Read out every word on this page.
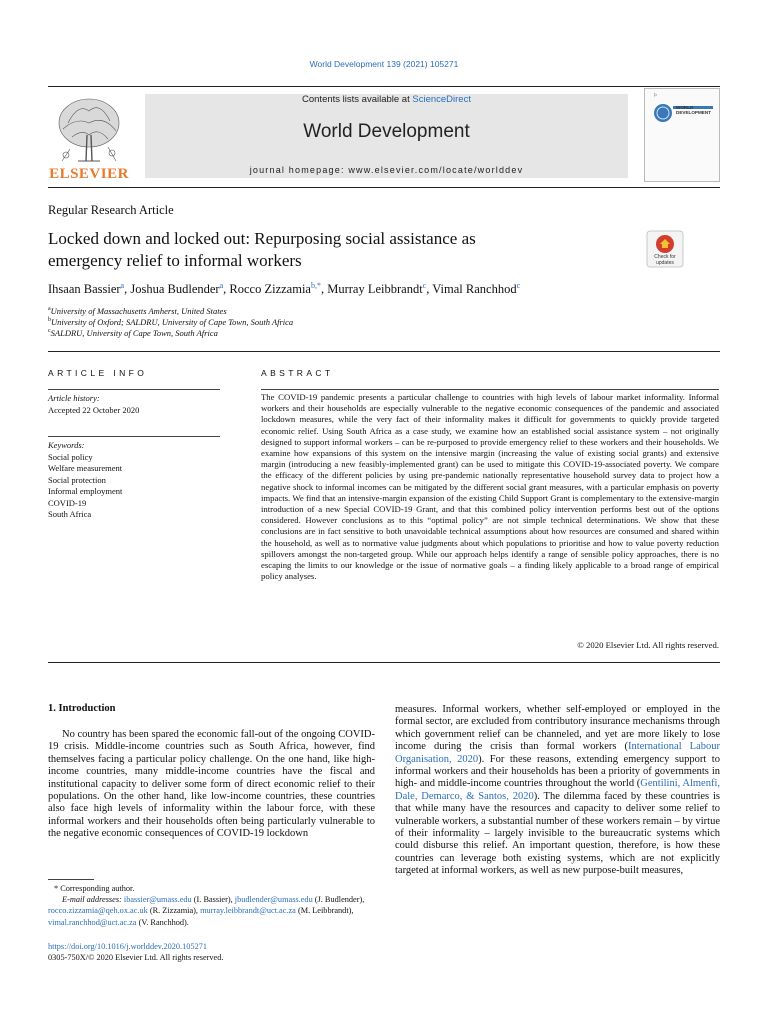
World Development 139 (2021) 105271
ELSEVIER
Contents lists available at ScienceDirect
World Development
journal homepage: www.elsevier.com/locate/worlddev
⚐
WORLD DEVELOPMENT
Regular Research Article
Locked down and locked out: Repurposing social assistance as
emergency relief to informal workers	Check for updates
Ihsaan Bassier$^a$, Joshua Budlender$^a$, Rocco Zizzamia$^{b,*}$, Murray Leibbrandt$^c$, Vimal Ranchhod$^c$
$^a$University of Massachusetts Amherst, United States
$^b$University of Oxford; SALDRU, University of Cape Town, South Africa
$^c$SALDRU, University of Cape Town, South Africa
ARTICLE INFO
Article history:
Accepted 22 October 2020
Keywords:
Social policy
Welfare measurement
Social protection
Informal employment
COVID-19
South Africa
ABSTRACT
The COVID-19 pandemic presents a particular challenge to countries with high levels of labour market informality. Informal workers and their households are especially vulnerable to the negative economic consequences of the pandemic and associated lockdown measures, while the very fact of their informality makes it difficult for governments to quickly provide targeted economic relief. Using South Africa as a case study, we examine how an established social assistance system – not originally designed to support informal workers – can be re-purposed to provide emergency relief to these workers and their households. We examine how expansions of this system on the intensive margin (increasing the value of existing social grants) and extensive margin (introducing a new feasibly-implemented grant) can be used to mitigate this COVID-19-associated poverty. We compare the efficacy of the different policies by using pre-pandemic nationally representative household survey data to project how a negative shock to informal incomes can be mitigated by the different social grant measures, with a particular emphasis on poverty impacts. We find that an intensive-margin expansion of the existing Child Support Grant is complementary to the extensive-margin introduction of a new Special COVID-19 Grant, and that this combined policy intervention performs best out of the options considered. However conclusions as to this “optimal policy” are not simple technical determinations. We show that these conclusions are in fact sensitive to both unavoidable technical assumptions about how resources are consumed and shared within the household, as well as to normative value judgments about which populations to prioritise and how to value poverty reduction spillovers amongst the non-targeted group. While our approach helps identify a range of sensible policy approaches, there is no escaping the limits to our knowledge or the issue of normative goals – a finding likely applicable to a broad range of empirical policy analyses.
© 2020 Elsevier Ltd. All rights reserved.
1. Introduction

No country has been spared the economic fall-out of the ongoing COVID-19 crisis. Middle-income countries such as South Africa, however, find themselves facing a particular policy challenge. On the one hand, like high-income countries, many middle-income countries have the fiscal and institutional capacity to deliver some form of direct economic relief to their populations. On the other hand, like low-income countries, these countries also face high levels of informality within the labour force, with these informal workers and their households often being particularly vulnerable to the negative economic consequences of COVID-19 lockdown

measures. Informal workers, whether self-employed or employed in the formal sector, are excluded from contributory insurance mechanisms through which government relief can be channeled, and yet are more likely to lose income during the crisis than formal workers (International Labour Organisation, 2020). For these reasons, extending emergency support to informal workers and their households has been a priority of governments in high- and middle-income countries throughout the world (Gentilini, Almenfi, Dale, Demarco, & Santos, 2020). The dilemma faced by these countries is that while many have the resources and capacity to deliver some relief to vulnerable workers, a substantial number of these workers remain – by virtue of their informality – largely invisible to the bureaucratic systems which could disburse this relief. An important question, therefore, is how these countries can leverage both existing systems, which are not explicitly targeted at informal workers, as well as new purpose-built measures,
* Corresponding author.
E-mail addresses: ibassier@umass.edu (I. Bassier), jbudlender@umass.edu (J. Budlender), rocco.zizzamia@qeh.ox.ac.uk (R. Zizzamia), murray.leibbrandt@uct.ac.za (M. Leibbrandt), vimal.ranchhod@uct.ac.za (V. Ranchhod).
https://doi.org/10.1016/j.worlddev.2020.105271
0305-750X/© 2020 Elsevier Ltd. All rights reserved.
